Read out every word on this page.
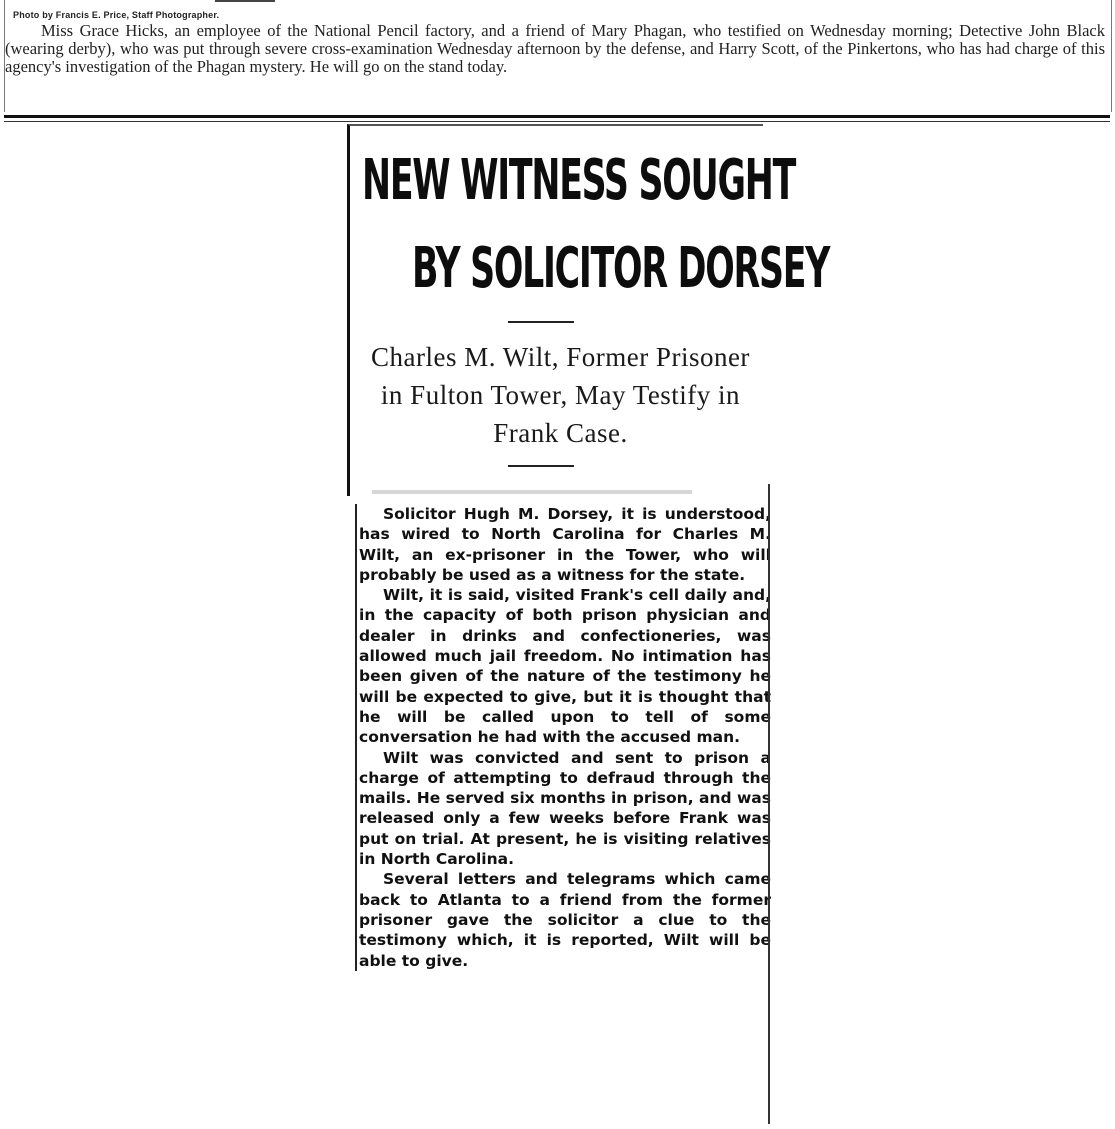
Photo by Francis E. Price, Staff Photographer.
Miss Grace Hicks, an employee of the National Pencil factory, and a friend of Mary Phagan, who testified on Wednesday morning; Detective John Black (wearing derby), who was put through severe cross-examination Wednesday afternoon by the defense, and Harry Scott, of the Pinkertons, who has had charge of this agency's investigation of the Phagan mystery. He will go on the stand today.
NEW WITNESS SOUGHT
BY SOLICITOR DORSEY
Charles M. Wilt, Former Prisoner in Fulton Tower, May Testify in Frank Case.

Solicitor Hugh M. Dorsey, it is understood, has wired to North Carolina for Charles M. Wilt, an ex-prisoner in the Tower, who will probably be used as a witness for the state.

Wilt, it is said, visited Frank's cell daily and, in the capacity of both prison physician and dealer in drinks and confectioneries, was allowed much jail freedom. No intimation has been given of the nature of the testimony he will be expected to give, but it is thought that he will be called upon to tell of some conversation he had with the accused man.

Wilt was convicted and sent to prison a charge of attempting to defraud through the mails. He served six months in prison, and was released only a few weeks before Frank was put on trial. At present, he is visiting relatives in North Carolina.

Several letters and telegrams which came back to Atlanta to a friend from the former prisoner gave the solicitor a clue to the testimony which, it is reported, Wilt will be able to give.
